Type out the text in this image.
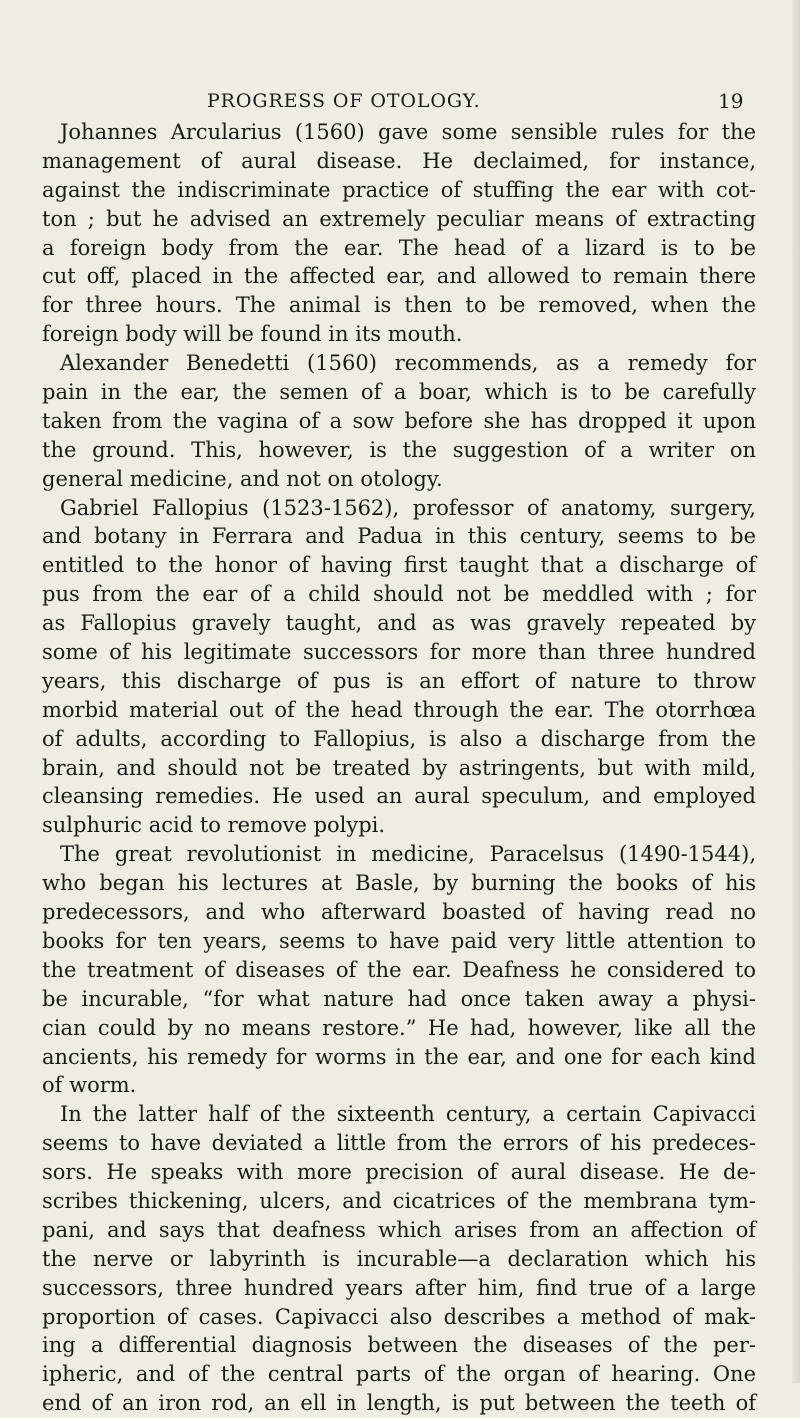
PROGRESS OF OTOLOGY.	19
Johannes Arcularius (1560) gave some sensible rules for the
management of aural disease. He declaimed, for instance,
against the indiscriminate practice of stuffing the ear with cot-
ton ; but he advised an extremely peculiar means of extracting
a foreign body from the ear. The head of a lizard is to be
cut off, placed in the affected ear, and allowed to remain there
for three hours. The animal is then to be removed, when the
foreign body will be found in its mouth.
Alexander Benedetti (1560) recommends, as a remedy for
pain in the ear, the semen of a boar, which is to be carefully
taken from the vagina of a sow before she has dropped it upon
the ground. This, however, is the suggestion of a writer on
general medicine, and not on otology.
Gabriel Fallopius (1523-1562), professor of anatomy, surgery,
and botany in Ferrara and Padua in this century, seems to be
entitled to the honor of having first taught that a discharge of
pus from the ear of a child should not be meddled with ; for
as Fallopius gravely taught, and as was gravely repeated by
some of his legitimate successors for more than three hundred
years, this discharge of pus is an effort of nature to throw
morbid material out of the head through the ear. The otorrhœa
of adults, according to Fallopius, is also a discharge from the
brain, and should not be treated by astringents, but with mild,
cleansing remedies. He used an aural speculum, and employed
sulphuric acid to remove polypi.
The great revolutionist in medicine, Paracelsus (1490-1544),
who began his lectures at Basle, by burning the books of his
predecessors, and who afterward boasted of having read no
books for ten years, seems to have paid very little attention to
the treatment of diseases of the ear. Deafness he considered to
be incurable, “for what nature had once taken away a physi-
cian could by no means restore.” He had, however, like all the
ancients, his remedy for worms in the ear, and one for each kind
of worm.
In the latter half of the sixteenth century, a certain Capivacci
seems to have deviated a little from the errors of his predeces-
sors. He speaks with more precision of aural disease. He de-
scribes thickening, ulcers, and cicatrices of the membrana tym-
pani, and says that deafness which arises from an affection of
the nerve or labyrinth is incurable—a declaration which his
successors, three hundred years after him, find true of a large
proportion of cases. Capivacci also describes a method of mak-
ing a differential diagnosis between the diseases of the per-
ipheric, and of the central parts of the organ of hearing. One
end of an iron rod, an ell in length, is put between the teeth of
